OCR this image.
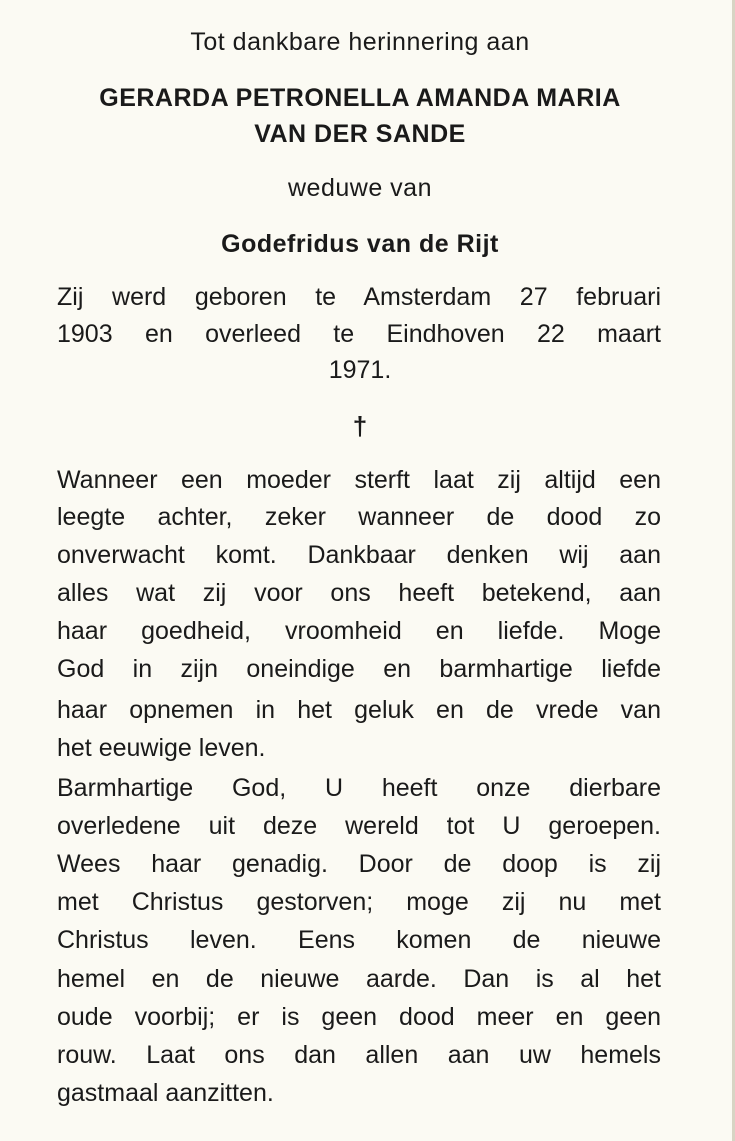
Tot dankbare herinnering aan
GERARDA PETRONELLA AMANDA MARIA
VAN DER SANDE
weduwe van
Godefridus van de Rijt
Zij werd geboren te Amsterdam 27 februari
1903 en overleed te Eindhoven 22 maart
1971.
†
Wanneer een moeder sterft laat zij altijd een
leegte achter, zeker wanneer de dood zo
onverwacht komt. Dankbaar denken wij aan
alles wat zij voor ons heeft betekend, aan
haar goedheid, vroomheid en liefde. Moge
God in zijn oneindige en barmhartige liefde
haar opnemen in het geluk en de vrede van
het eeuwige leven.
Barmhartige God, U heeft onze dierbare
overledene uit deze wereld tot U geroepen.
Wees haar genadig. Door de doop is zij
met Christus gestorven; moge zij nu met
Christus leven. Eens komen de nieuwe
hemel en de nieuwe aarde. Dan is al het
oude voorbij; er is geen dood meer en geen
rouw. Laat ons dan allen aan uw hemels
gastmaal aanzitten.
